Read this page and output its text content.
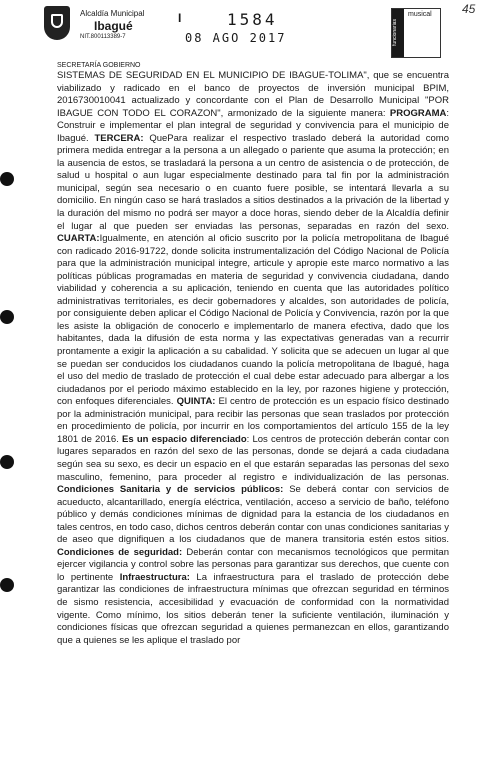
Alcaldía Municipal
Ibagué
NIT.800113389-7
I	1584
08 AGO 2017	funcionarias
musical	45
SECRETARÍA GOBIERNO

SISTEMAS DE SEGURIDAD EN EL MUNICIPIO DE IBAGUE-TOLIMA", que se encuentra viabilizado y radicado en el banco de proyectos de inversión municipal BPIM, 2016730010041 actualizado y concordante con el Plan de Desarrollo Municipal "POR IBAGUE CON TODO EL CORAZON", armonizado de la siguiente manera: PROGRAMA: Construir e implementar el plan integral de seguridad y convivencia para el municipio de Ibagué. TERCERA: QuePara realizar el respectivo traslado deberá la autoridad como primera medida entregar a la persona a un allegado o pariente que asuma la protección; en la ausencia de estos, se trasladará la persona a un centro de asistencia o de protección, de salud u hospital o aun lugar especialmente destinado para tal fin por la administración municipal, según sea necesario o en cuanto fuere posible, se intentará llevarla a su domicilio. En ningún caso se hará traslados a sitios destinados a la privación de la libertad y la duración del mismo no podrá ser mayor a doce horas, siendo deber de la Alcaldía definir el lugar al que pueden ser enviadas las personas, separadas en razón del sexo. CUARTA:Igualmente, en atención al oficio suscrito por la policía metropolitana de Ibagué con radicado 2016-91722, donde solicita instrumentalización del Código Nacional de Policía para que la administración municipal integre, articule y apropie este marco normativo a las políticas públicas programadas en materia de seguridad y convivencia ciudadana, dando viabilidad y coherencia a su aplicación, teniendo en cuenta que las autoridades político administrativas territoriales, es decir gobernadores y alcaldes, son autoridades de policía, por consiguiente deben aplicar el Código Nacional de Policía y Convivencia, razón por la que les asiste la obligación de conocerlo e implementarlo de manera efectiva, dado que los habitantes, dada la difusión de esta norma y las expectativas generadas van a recurrir prontamente a exigir la aplicación a su cabalidad. Y solicita que se adecuen un lugar al que se puedan ser conducidos los ciudadanos cuando la policía metropolitana de Ibagué, haga el uso del medio de traslado de protección el cual debe estar adecuado para albergar a los ciudadanos por el periodo máximo establecido en la ley, por razones higiene y protección, con enfoques diferenciales. QUINTA: El centro de protección es un espacio físico destinado por la administración municipal, para recibir las personas que sean traslados por protección en procedimiento de policía, por incurrir en los comportamientos del artículo 155 de la ley 1801 de 2016. Es un espacio diferenciado: Los centros de protección deberán contar con lugares separados en razón del sexo de las personas, donde se dejará a cada ciudadana según sea su sexo, es decir un espacio en el que estarán separadas las personas del sexo masculino, femenino, para proceder al registro e individualización de las personas. Condiciones Sanitaria y de servicios públicos: Se deberá contar con servicios de acueducto, alcantarillado, energía eléctrica, ventilación, acceso a servicio de baño, teléfono público y demás condiciones mínimas de dignidad para la estancia de los ciudadanos en tales centros, en todo caso, dichos centros deberán contar con unas condiciones sanitarias y de aseo que dignifiquen a los ciudadanos que de manera transitoria estén estos sitios. Condiciones de seguridad: Deberán contar con mecanismos tecnológicos que permitan ejercer vigilancia y control sobre las personas para garantizar sus derechos, que cuente con lo pertinente Infraestructura: La infraestructura para el traslado de protección debe garantizar las condiciones de infraestructura mínimas que ofrezcan seguridad en términos de sismo resistencia, accesibilidad y evacuación de conformidad con la normatividad vigente. Como mínimo, los sitios deberán tener la suficiente ventilación, iluminación y condiciones físicas que ofrezcan seguridad a quienes permanezcan en ellos, garantizando que a quienes se les aplique el traslado por
